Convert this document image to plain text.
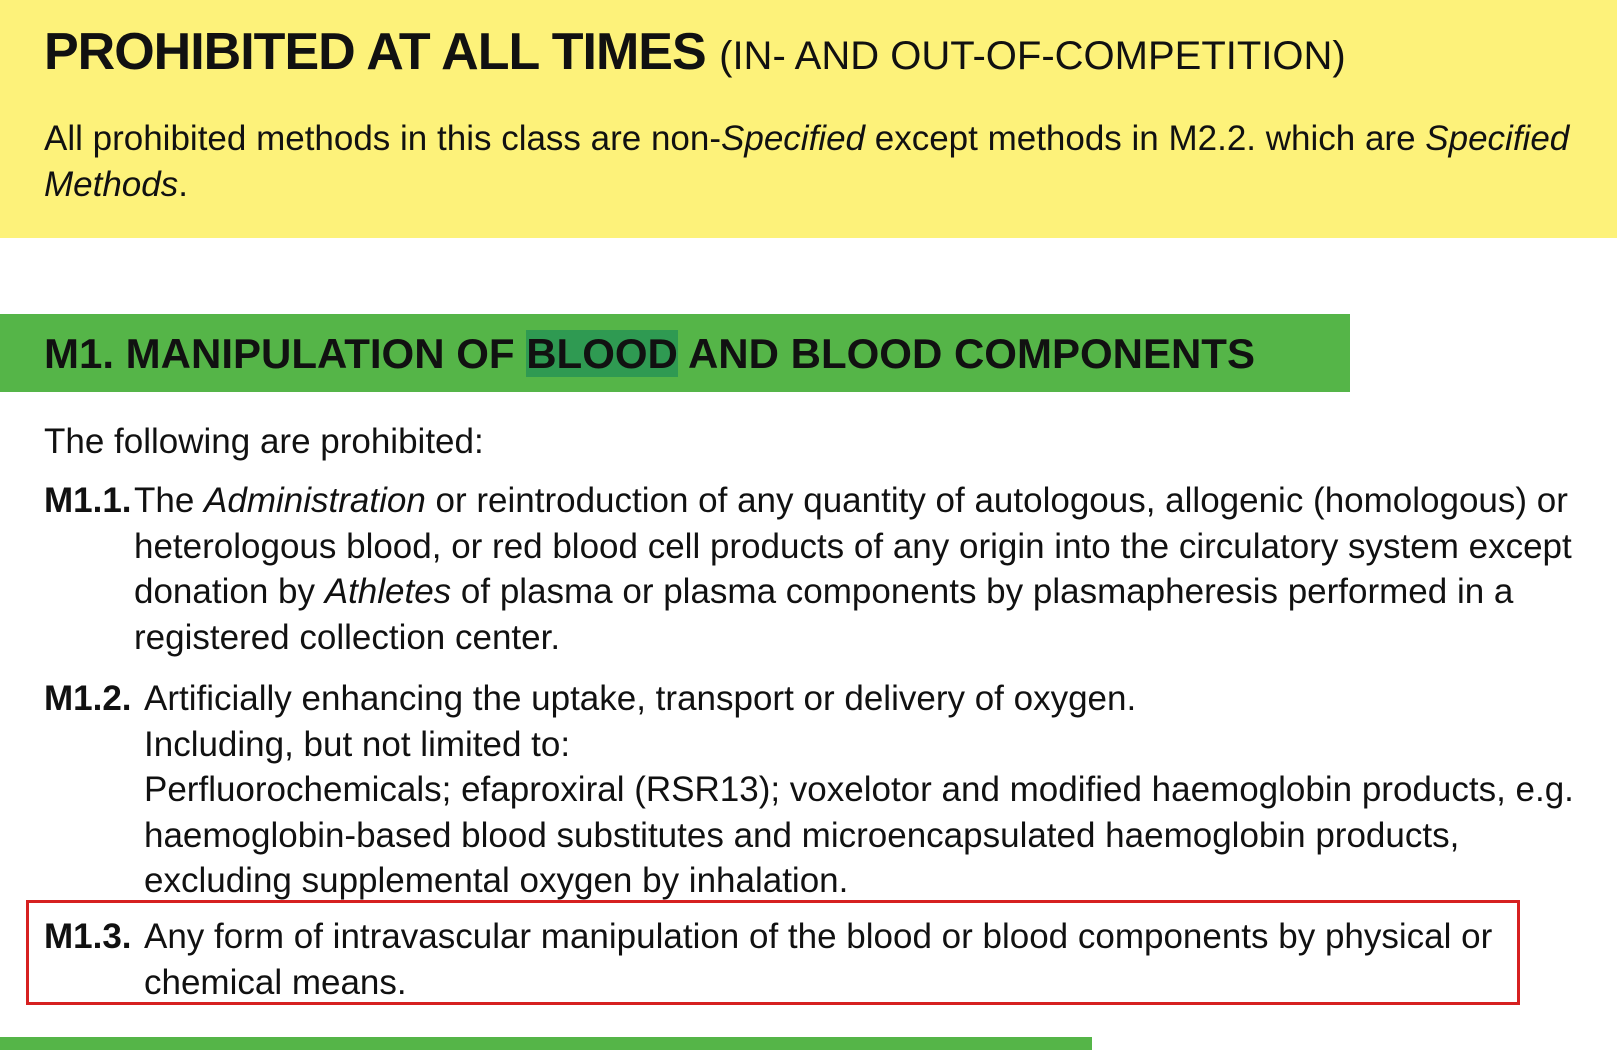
PROHIBITED AT ALL TIMES (IN- AND OUT-OF-COMPETITION)

All prohibited methods in this class are non-Specified except methods in M2.2. which are Specified Methods.

M1. MANIPULATION OF BLOOD AND BLOOD COMPONENTS

The following are prohibited:

M1.1. The Administration or reintroduction of any quantity of autologous, allogenic (homologous) or heterologous blood, or red blood cell products of any origin into the circulatory system except donation by Athletes of plasma or plasma components by plasmapheresis performed in a registered collection center.

M1.2. Artificially enhancing the uptake, transport or delivery of oxygen.
Including, but not limited to:
Perfluorochemicals; efaproxiral (RSR13); voxelotor and modified haemoglobin products, e.g. haemoglobin-based blood substitutes and microencapsulated haemoglobin products, excluding supplemental oxygen by inhalation.
M1.3. Any form of intravascular manipulation of the blood or blood components by physical or chemical means.
